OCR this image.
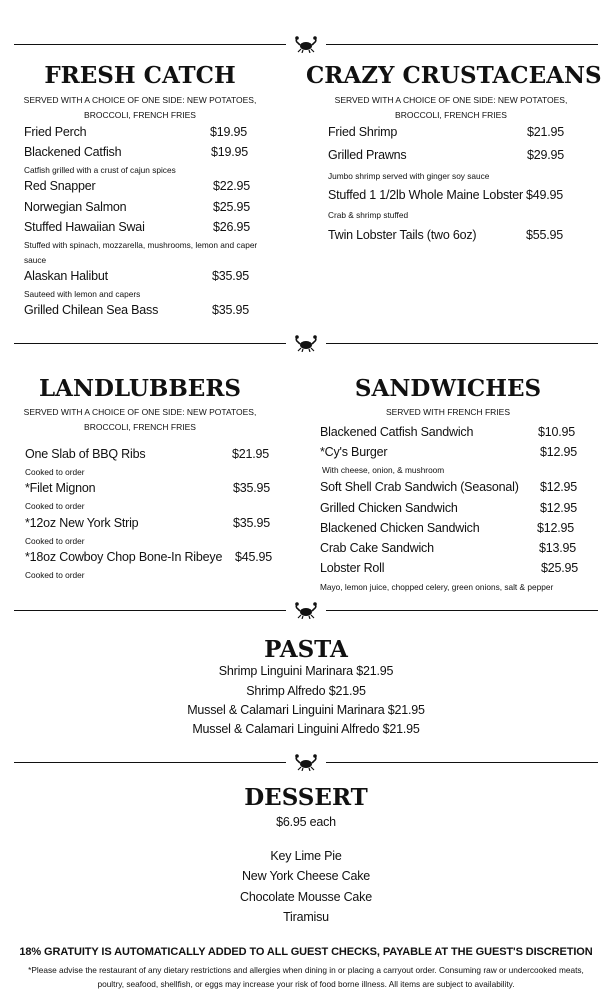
FRESH CATCH
SERVED WITH A CHOICE OF ONE SIDE: NEW POTATOES,
BROCCOLI, FRENCH FRIES
Fried Perch	$19.95
Blackened Catfish	$19.95
Catfish grilled with a crust of cajun spices
Red Snapper	$22.95
Norwegian Salmon	$25.95
Stuffed Hawaiian Swai	$26.95
Stuffed with spinach, mozzarella, mushrooms, lemon and caper
sauce
Alaskan Halibut	$35.95
Sauteed with lemon and capers
Grilled Chilean Sea Bass	$35.95
CRAZY CRUSTACEANS
SERVED WITH A CHOICE OF ONE SIDE: NEW POTATOES,
BROCCOLI, FRENCH FRIES
Fried Shrimp	$21.95
Grilled Prawns	$29.95
Jumbo shrimp served with ginger soy sauce
Stuffed 1 1/2lb Whole Maine Lobster $49.95
Crab & shrimp stuffed
Twin Lobster Tails (two 6oz)	$55.95
LANDLUBBERS
SERVED WITH A CHOICE OF ONE SIDE: NEW POTATOES,
BROCCOLI, FRENCH FRIES
One Slab of BBQ Ribs	$21.95
Cooked to order
*Filet Mignon	$35.95
Cooked to order
*12oz New York Strip	$35.95
Cooked to order
*18oz Cowboy Chop Bone-In Ribeye $45.95
Cooked to order
SANDWICHES
SERVED WITH FRENCH FRIES
Blackened Catfish Sandwich	$10.95
*Cy's Burger	$12.95
With cheese, onion, & mushroom
Soft Shell Crab Sandwich (Seasonal) $12.95
Grilled Chicken Sandwich	$12.95
Blackened Chicken Sandwich	$12.95
Crab Cake Sandwich	$13.95
Lobster Roll	$25.95
Mayo, lemon juice, chopped celery, green onions, salt & pepper
PASTA
Shrimp Linguini Marinara $21.95
Shrimp Alfredo $21.95
Mussel & Calamari Linguini Marinara $21.95
Mussel & Calamari Linguini Alfredo $21.95
DESSERT
$6.95 each
Key Lime Pie
New York Cheese Cake
Chocolate Mousse Cake
Tiramisu
18% GRATUITY IS AUTOMATICALLY ADDED TO ALL GUEST CHECKS, PAYABLE AT THE GUEST'S DISCRETION
*Please advise the restaurant of any dietary restrictions and allergies when dining in or placing a carryout order. Consuming raw or undercooked meats,
poultry, seafood, shellfish, or eggs may increase your risk of food borne illness. All items are subject to availability.
